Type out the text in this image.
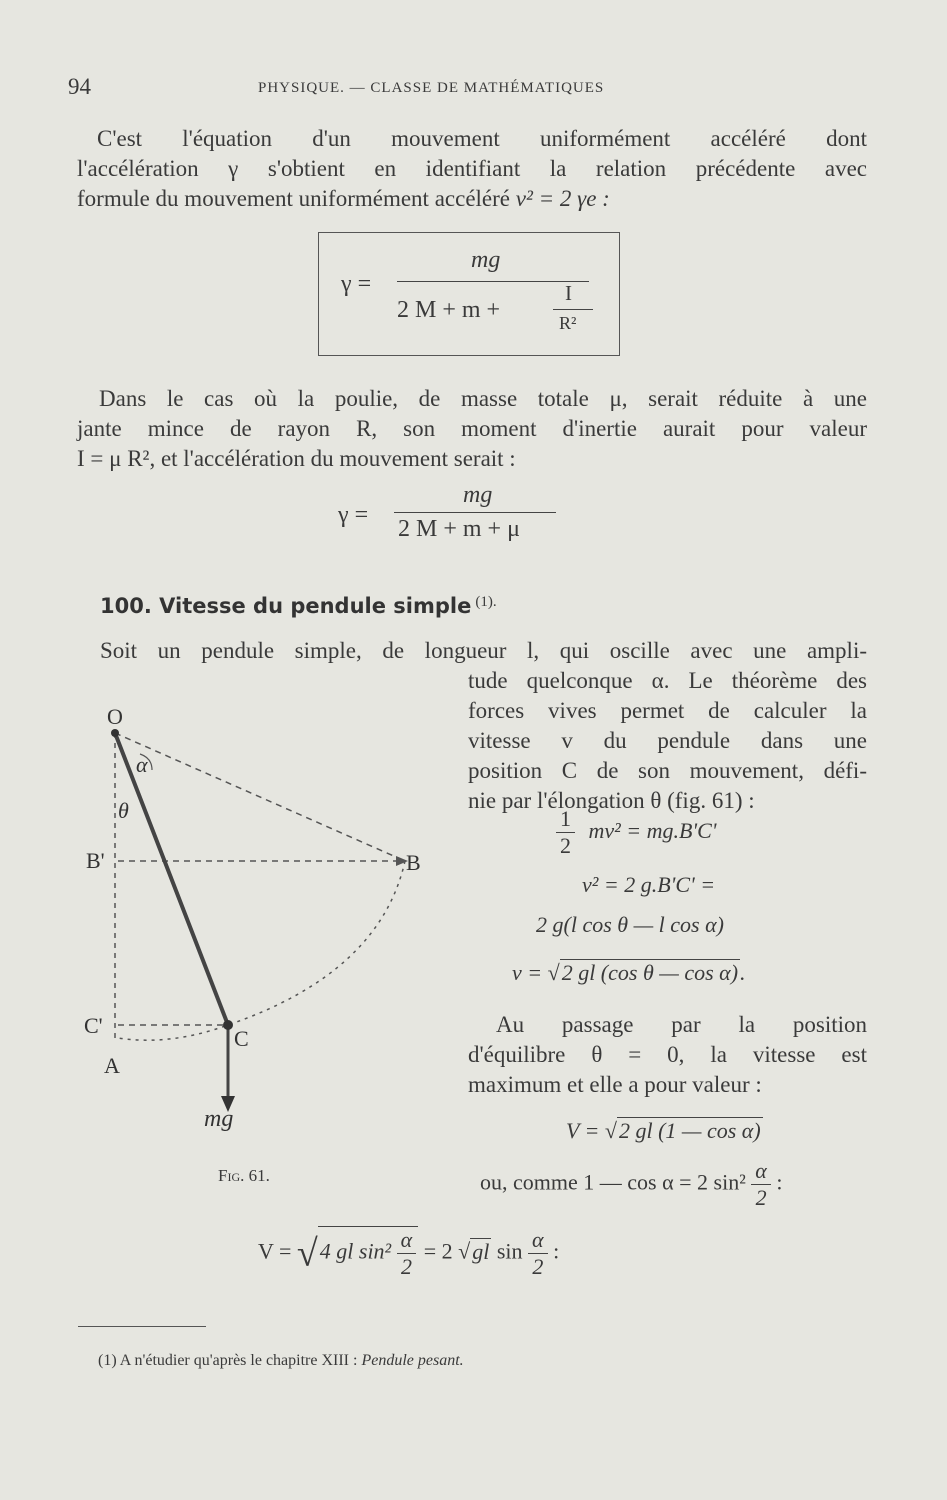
94	PHYSIQUE. — CLASSE DE MATHÉMATIQUES
C'est l'équation d'un mouvement uniformément accéléré dont
l'accélération γ s'obtient en identifiant la relation précédente avec
formule du mouvement uniformément accéléré v² = 2 γe :
γ =
mg
2 M + m +
I
R²
Dans le cas où la poulie, de masse totale μ, serait réduite à une
jante mince de rayon R, son moment d'inertie aurait pour valeur
I = μ R², et l'accélération du mouvement serait :
γ =
mg
2 M + m + μ
100. Vitesse du pendule simple (1).
Soit un pendule simple, de longueur l, qui oscille avec une ampli-
tude quelconque α. Le théorème des
forces vives permet de calculer la
vitesse v du pendule dans une
position C de son mouvement, défi-
nie par l'élongation θ (fig. 61) :
$\frac{1}{2} mv^2 = mg.B'C'$
v² = 2 g.B'C' =
2 g(l cos θ — l cos α)
v = √2 gl (cos θ — cos α).
Au passage par la position
d'équilibre θ = 0, la vitesse est
maximum et elle a pour valeur :
V = √2 gl (1 — cos α)
ou, comme 1 — cos α = 2 $\sin^2 \frac{\alpha}{2}$ :
V = √4 gl $\sin^2 \frac{\alpha}{2} = 2$ √gl $\sin \frac{\alpha}{2}$ :
O
α
θ
B'	B
C'
C
A
mg
Fig. 61.
(1) A n'étudier qu'après le chapitre XIII : Pendule pesant.
